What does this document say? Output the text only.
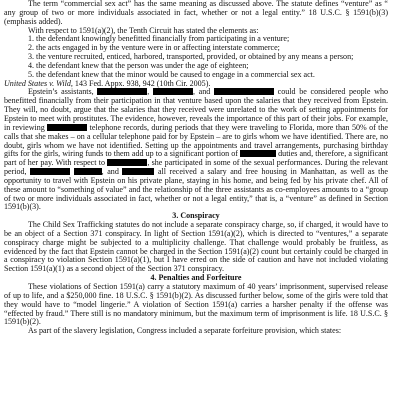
The term “commercial sex act” has the same meaning as discussed above. The statute defines “venture” as “ any group of two or more individuals associated in fact, whether or not a legal entity.” 18 U.S.C. § 1591(b)(3) (emphasis added).

With respect to 1591(a)(2), the Tenth Circuit has stated the elements as:

1. the defendant knowingly benefitted financially from participating in a venture;

2. the acts engaged in by the venture were in or affecting interstate commerce;

3. the venture recruited, enticed, harbored, transported, provided, or obtained by any means a person;

4. the defendant knew that the person was under the age of eighteen;

5. the defendant knew that the minor would be caused to engage in a commercial sex act.

United States v. Wild, 143 Fed. Appx. 938, 942 (10th Cir. 2005).

Epstein’s assistants,	,	, and	could be considered people who benefitted financially from their participation in that venture based upon the salaries that they received from Epstein. They will, no doubt, argue that the salaries that they received were unrelated to the work of setting appointments for Epstein to meet with prostitutes. The evidence, however, reveals the importance of this part of their jobs. For example, in reviewing	telephone records, during periods that they were traveling to Florida, more than 50% of the calls that she makes – on a cellular telephone paid for by Epstein – are to girls whom we have identified. There are, no doubt, girls whom we have not identified. Setting up the appointments and travel arrangements, purchasing birthday gifts for the girls, wiring funds to them add up to a significant portion of	duties and, therefore, a significant part of her pay. With respect to	, she participated in some of the sexual performances. During the relevant period,	, and	all received a salary and free housing in Manhattan, as well as the opportunity to travel with Epstein on his private plane, staying in his home, and being fed by his private chef. All of these amount to “something of value” and the relationship of the three assistants as co-employees amounts to a “group of two or more individuals associated in fact, whether or not a legal entity,” that is, a “venture” as defined in Section 1591(b)(3).

3. Conspiracy

The Child Sex Trafficking statutes do not include a separate conspiracy charge, so, if charged, it would have to be an object of a Section 371 conspiracy. In light of Section 1591(a)(2), which is directed to “ventures,” a separate conspiracy charge might be subjected to a multiplicity challenge. That challenge would probably be fruitless, as evidenced by the fact that Epstein cannot be charged in the Section 1591(a)(2) count but certainly could be charged in a conspiracy to violation Section 1591(a)(1), but I have erred on the side of caution and have not included violating Section 1591(a)(1) as a second object of the Section 371 conspiracy.

4. Penalties and Forfeiture

These violations of Section 1591(a) carry a statutory maximum of 40 years’ imprisonment, supervised release of up to life, and a $250,000 fine. 18 U.S.C. § 1591(b)(2). As discussed further below, some of the girls were told that they would have to “model lingerie.” A violation of Section 1591(a) carries a harsher penalty if the offense was “effected by fraud.” There still is no mandatory minimum, but the maximum term of imprisonment is life. 18 U.S.C. § 1591(b)(2).

As part of the slavery legislation, Congress included a separate forfeiture provision, which states:
